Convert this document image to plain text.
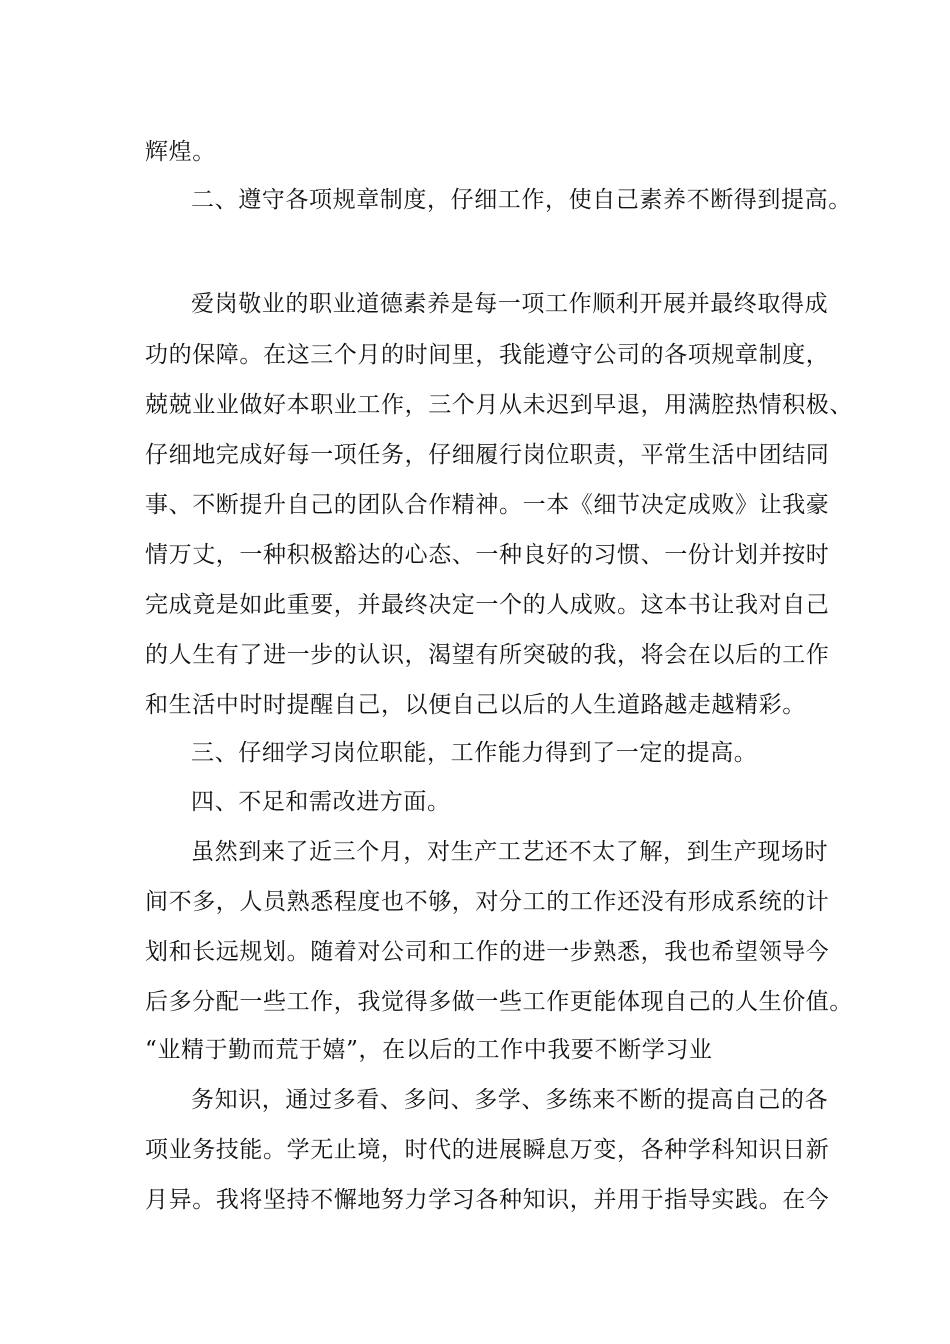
辉煌。
二、遵守各项规章制度，仔细工作，使自己素养不断得到提高。
爱岗敬业的职业道德素养是每一项工作顺利开展并最终取得成
功的保障。在这三个月的时间里，我能遵守公司的各项规章制度，
兢兢业业做好本职业工作，三个月从未迟到早退，用满腔热情积极、
仔细地完成好每一项任务，仔细履行岗位职责，平常生活中团结同
事、不断提升自己的团队合作精神。一本《细节决定成败》让我豪
情万丈，一种积极豁达的心态、一种良好的习惯、一份计划并按时
完成竟是如此重要，并最终决定一个的人成败。这本书让我对自己
的人生有了进一步的认识，渴望有所突破的我，将会在以后的工作
和生活中时时提醒自己，以便自己以后的人生道路越走越精彩。
三、仔细学习岗位职能，工作能力得到了一定的提高。
四、不足和需改进方面。
虽然到来了近三个月，对生产工艺还不太了解，到生产现场时
间不多，人员熟悉程度也不够，对分工的工作还没有形成系统的计
划和长远规划。随着对公司和工作的进一步熟悉，我也希望领导今
后多分配一些工作，我觉得多做一些工作更能体现自己的人生价值。
“业精于勤而荒于嬉”，在以后的工作中我要不断学习业
务知识，通过多看、多问、多学、多练来不断的提高自己的各
项业务技能。学无止境，时代的进展瞬息万变，各种学科知识日新
月异。我将坚持不懈地努力学习各种知识，并用于指导实践。在今
